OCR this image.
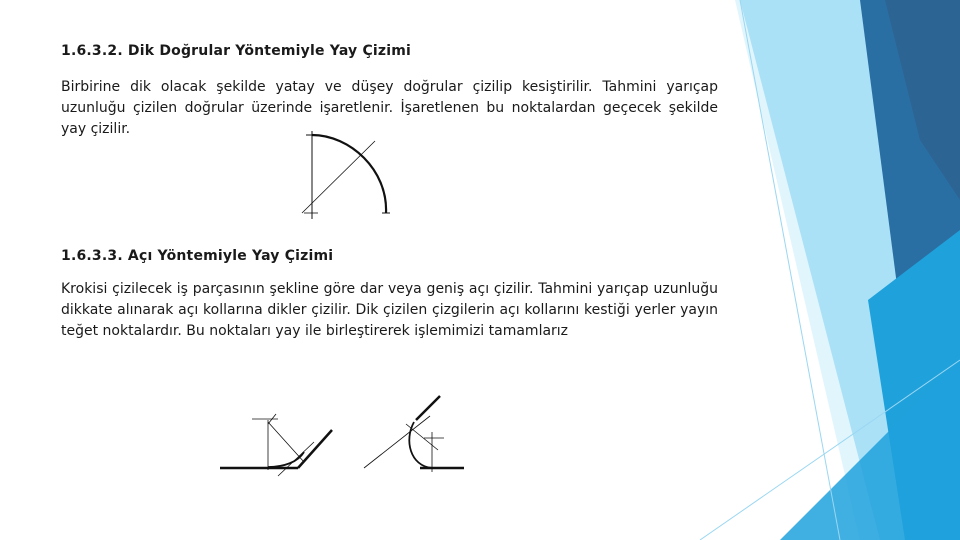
1.6.3.2. Dik Doğrular Yöntemiyle Yay Çizimi

Birbirine dik olacak şekilde yatay ve düşey doğrular çizilip kesiştirilir. Tahmini yarıçap uzunluğu çizilen doğrular üzerinde işaretlenir. İşaretlenen bu noktalardan geçecek şekilde yay çizilir.

1.6.3.3. Açı Yöntemiyle Yay Çizimi

Krokisi çizilecek iş parçasının şekline göre dar veya geniş açı çizilir. Tahmini yarıçap uzunluğu dikkate alınarak açı kollarına dikler çizilir. Dik çizilen çizgilerin açı kollarını kestiği yerler yayın teğet noktalardır. Bu noktaları yay ile birleştirerek işlemimizi tamamlarız
